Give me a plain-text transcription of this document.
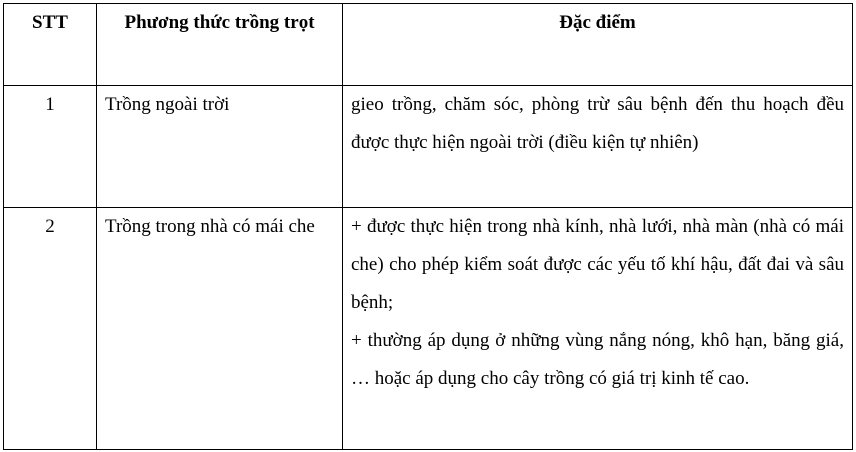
STT	Phương thức trồng trọt	Đặc điểm
1	Trồng ngoài trời	gieo trồng, chăm sóc, phòng trừ sâu bệnh đến thu hoạch đều được thực hiện ngoài trời (điều kiện tự nhiên)

2	Trồng trong nhà có mái che	+ được thực hiện trong nhà kính, nhà lưới, nhà màn (nhà có mái che) cho phép kiểm soát được các yếu tố khí hậu, đất đai và sâu bệnh;
+ thường áp dụng ở những vùng nắng nóng, khô hạn, băng giá, … hoặc áp dụng cho cây trồng có giá trị kinh tế cao.
